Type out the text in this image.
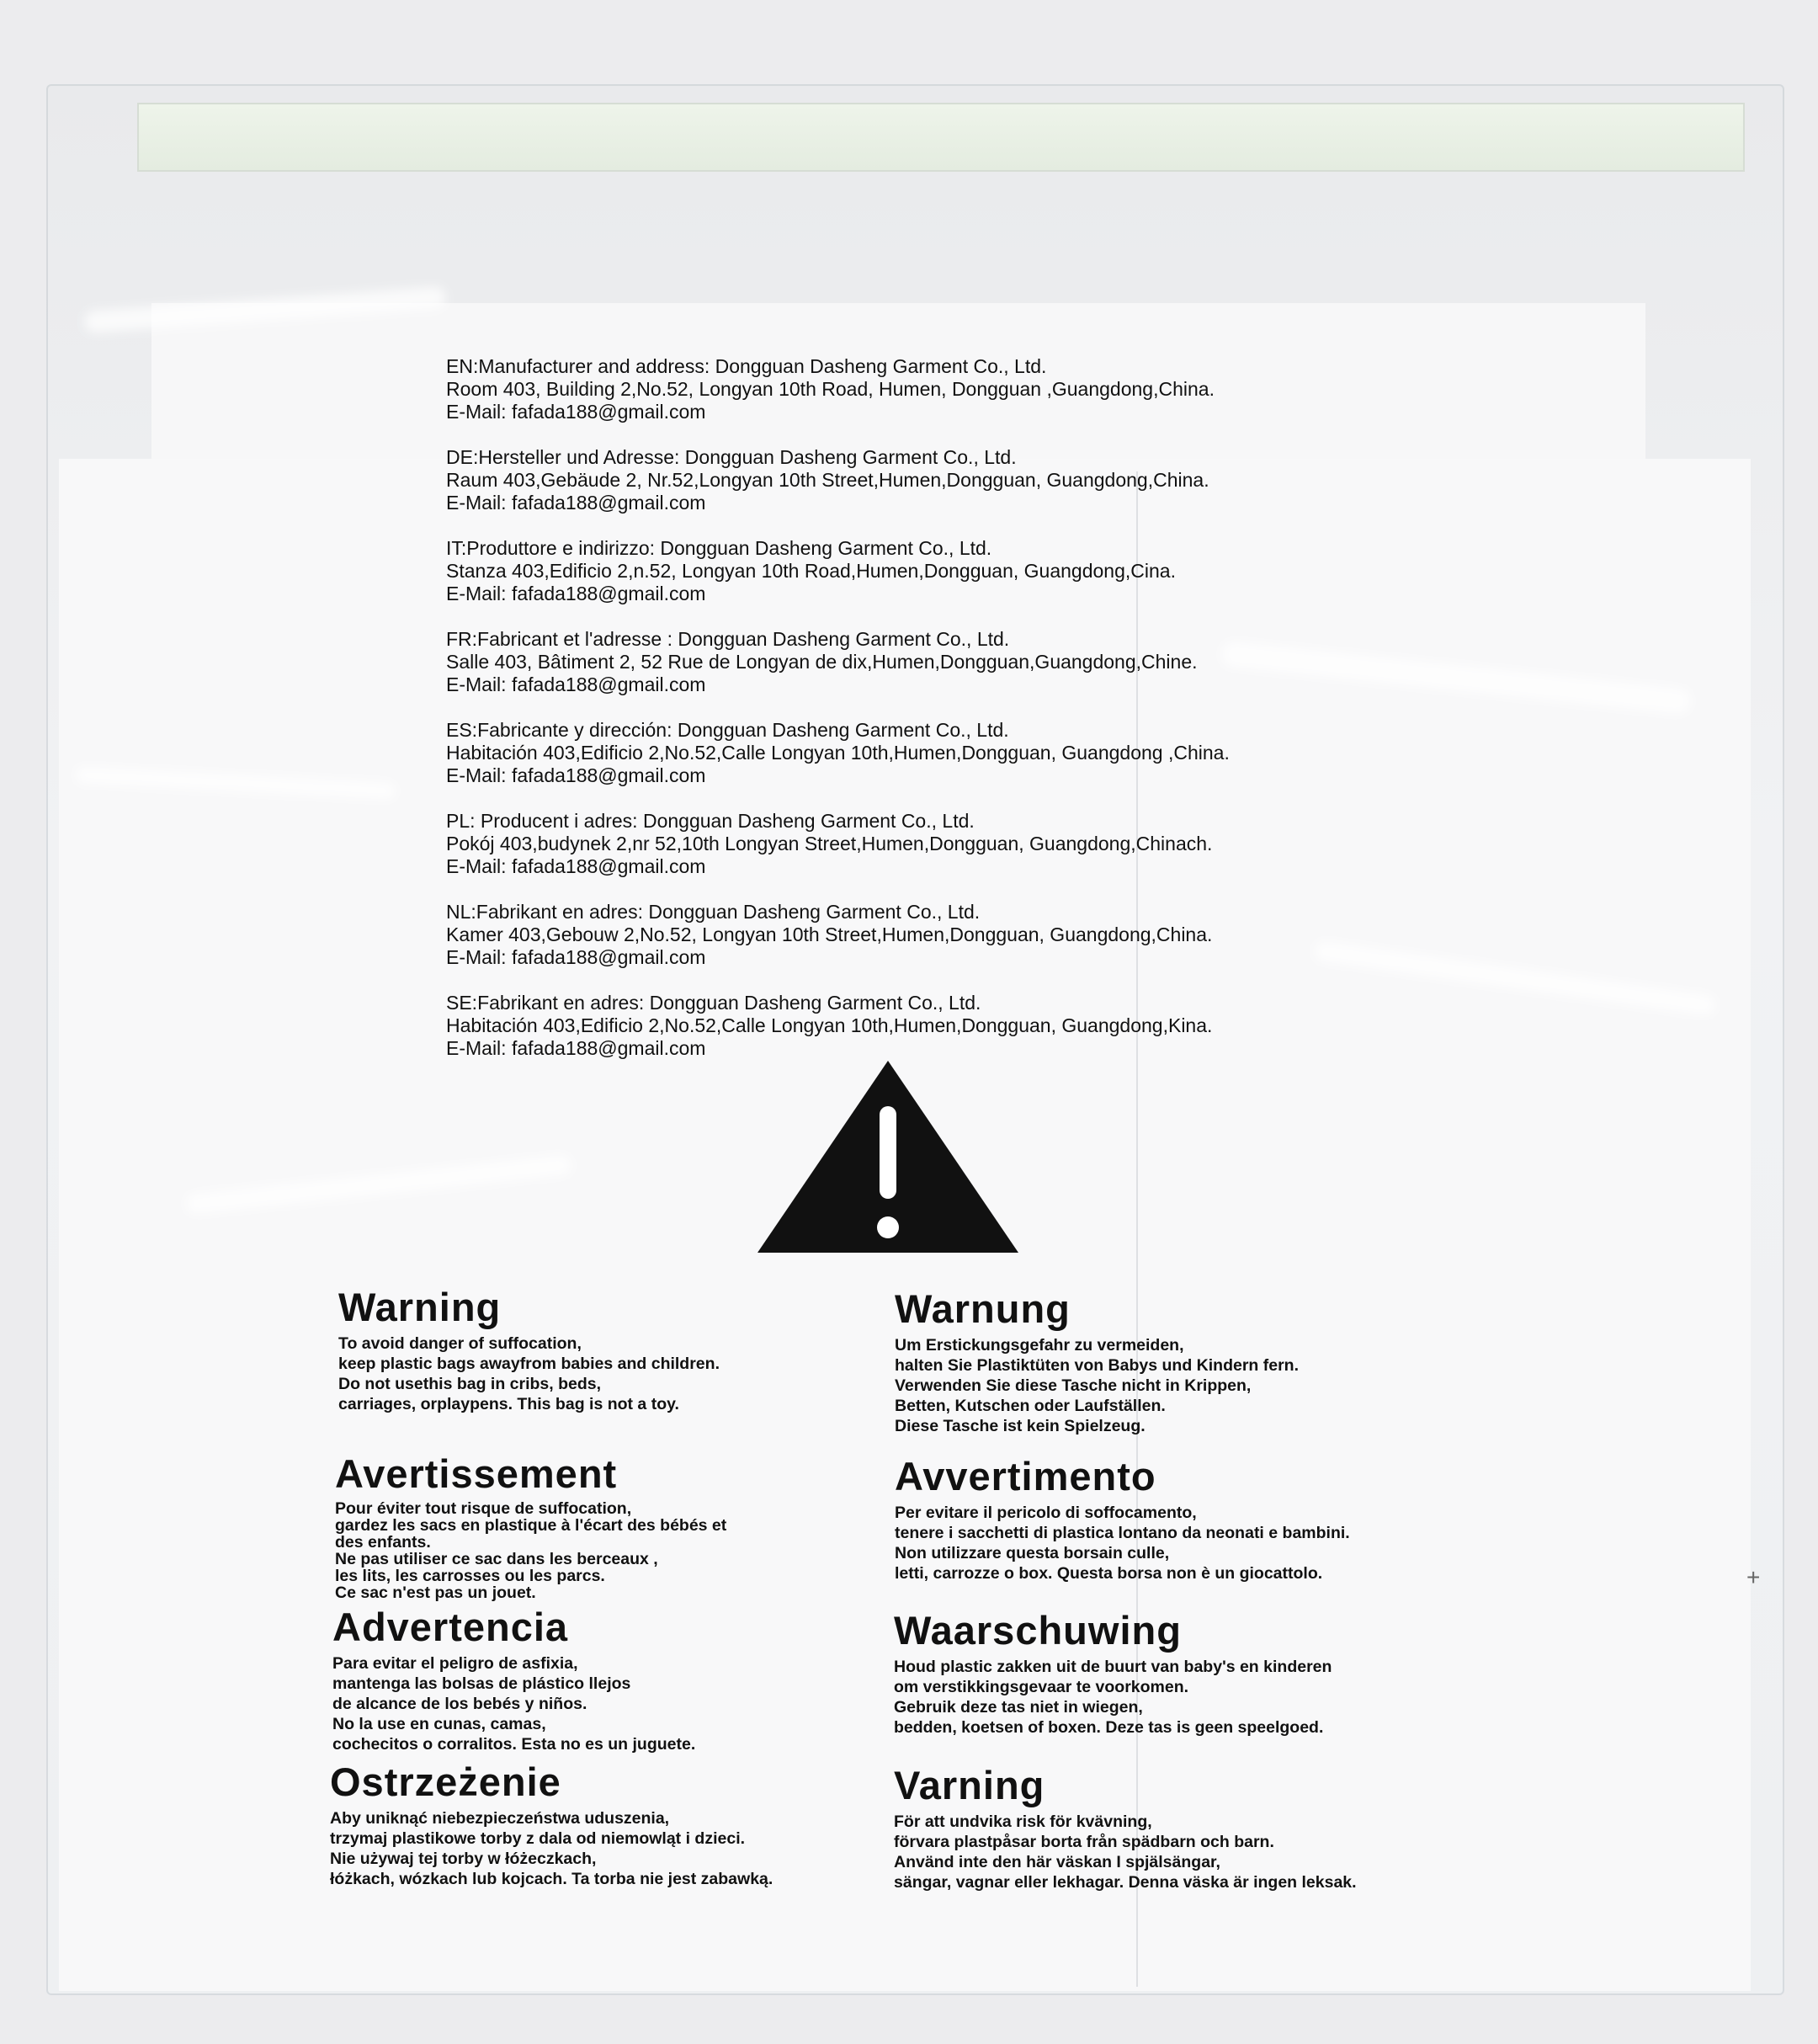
EN:Manufacturer and address: Dongguan Dasheng Garment Co., Ltd.
Room 403, Building 2,No.52, Longyan 10th Road, Humen, Dongguan ,Guangdong,China.
E-Mail: fafada188@gmail.com
DE:Hersteller und Adresse: Dongguan Dasheng Garment Co., Ltd.
Raum 403,Gebäude 2, Nr.52,Longyan 10th Street,Humen,Dongguan, Guangdong,China.
E-Mail: fafada188@gmail.com
IT:Produttore e indirizzo: Dongguan Dasheng Garment Co., Ltd.
Stanza 403,Edificio 2,n.52, Longyan 10th Road,Humen,Dongguan, Guangdong,Cina.
E-Mail: fafada188@gmail.com
FR:Fabricant et l'adresse : Dongguan Dasheng Garment Co., Ltd.
Salle 403, Bâtiment 2, 52 Rue de Longyan de dix,Humen,Dongguan,Guangdong,Chine.
E-Mail: fafada188@gmail.com
ES:Fabricante y dirección: Dongguan Dasheng Garment Co., Ltd.
Habitación 403,Edificio 2,No.52,Calle Longyan 10th,Humen,Dongguan, Guangdong ,China.
E-Mail: fafada188@gmail.com
PL: Producent i adres: Dongguan Dasheng Garment Co., Ltd.
Pokój 403,budynek 2,nr 52,10th Longyan Street,Humen,Dongguan, Guangdong,Chinach.
E-Mail: fafada188@gmail.com
NL:Fabrikant en adres: Dongguan Dasheng Garment Co., Ltd.
Kamer 403,Gebouw 2,No.52, Longyan 10th Street,Humen,Dongguan, Guangdong,China.
E-Mail: fafada188@gmail.com
SE:Fabrikant en adres: Dongguan Dasheng Garment Co., Ltd.
Habitación 403,Edificio 2,No.52,Calle Longyan 10th,Humen,Dongguan, Guangdong,Kina.
E-Mail: fafada188@gmail.com
Warning
To avoid danger of suffocation,
keep plastic bags awayfrom babies and children.
Do not usethis bag in cribs, beds,
carriages, orplaypens. This bag is not a toy.
Warnung
Um Erstickungsgefahr zu vermeiden,
halten Sie Plastiktüten von Babys und Kindern fern.
Verwenden Sie diese Tasche nicht in Krippen,
Betten, Kutschen oder Laufställen.
Diese Tasche ist kein Spielzeug.
Avertissement
Pour éviter tout risque de suffocation,
gardez les sacs en plastique à l'écart des bébés et
des enfants.
Ne pas utiliser ce sac dans les berceaux ,
les lits, les carrosses ou les parcs.
Ce sac n'est pas un jouet.
Avvertimento
Per evitare il pericolo di soffocamento,
tenere i sacchetti di plastica lontano da neonati e bambini.
Non utilizzare questa borsain culle,
letti, carrozze o box. Questa borsa non è un giocattolo.
Advertencia
Para evitar el peligro de asfixia,
mantenga las bolsas de plástico llejos
de alcance de los bebés y niños.
No la use en cunas, camas,
cochecitos o corralitos. Esta no es un juguete.
Waarschuwing
Houd plastic zakken uit de buurt van baby's en kinderen
om verstikkingsgevaar te voorkomen.
Gebruik deze tas niet in wiegen,
bedden, koetsen of boxen. Deze tas is geen speelgoed.
Ostrzeżenie
Aby uniknąć niebezpieczeństwa uduszenia,
trzymaj plastikowe torby z dala od niemowląt i dzieci.
Nie używaj tej torby w łóżeczkach,
łóżkach, wózkach lub kojcach. Ta torba nie jest zabawką.
Varning
För att undvika risk för kvävning,
förvara plastpåsar borta från spädbarn och barn.
Använd inte den här väskan I spjälsängar,
sängar, vagnar eller lekhagar. Denna väska är ingen leksak.
+
